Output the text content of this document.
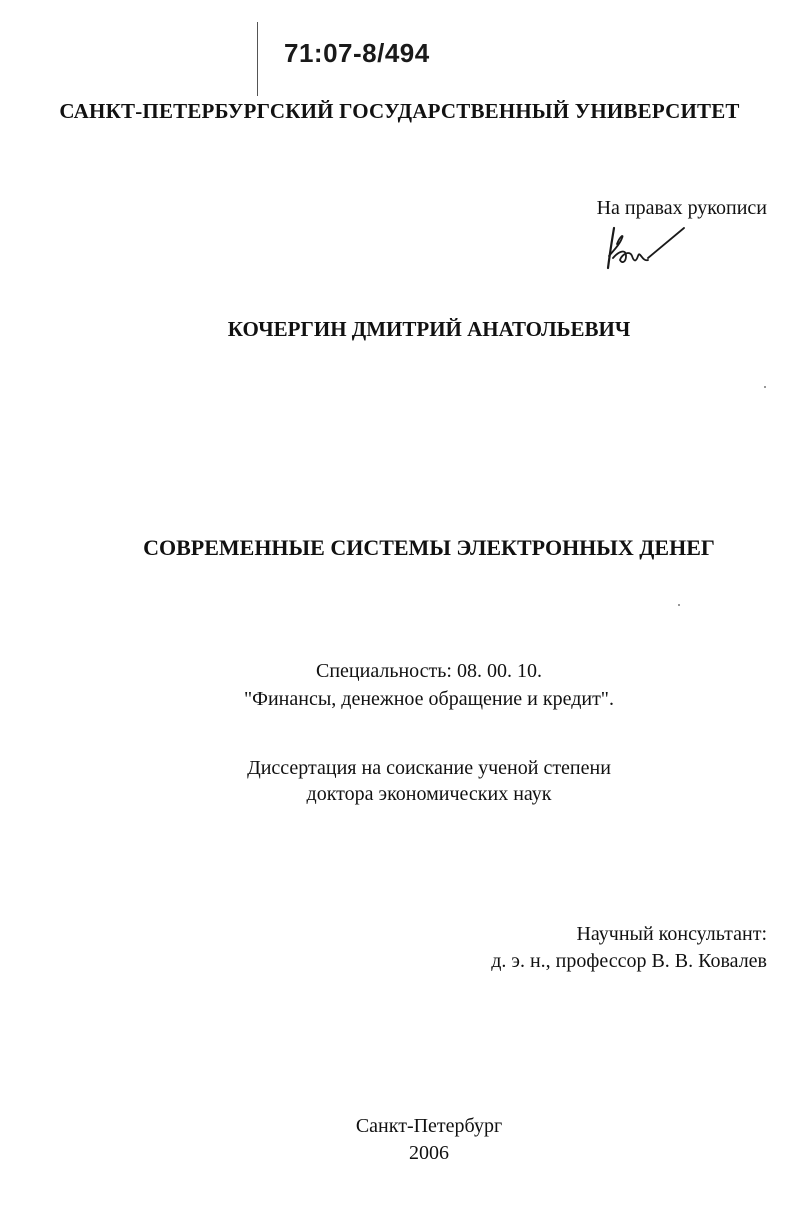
71:07-8/494
САНКТ-ПЕТЕРБУРГСКИЙ ГОСУДАРСТВЕННЫЙ УНИВЕРСИТЕТ
На правах рукописи
КОЧЕРГИН ДМИТРИЙ АНАТОЛЬЕВИЧ
СОВРЕМЕННЫЕ СИСТЕМЫ ЭЛЕКТРОННЫХ ДЕНЕГ
Специальность: 08. 00. 10.
"Финансы, денежное обращение и кредит".
Диссертация на соискание ученой степени
доктора экономических наук
Научный консультант:
д. э. н., профессор В. В. Ковалев
Санкт-Петербург
2006
